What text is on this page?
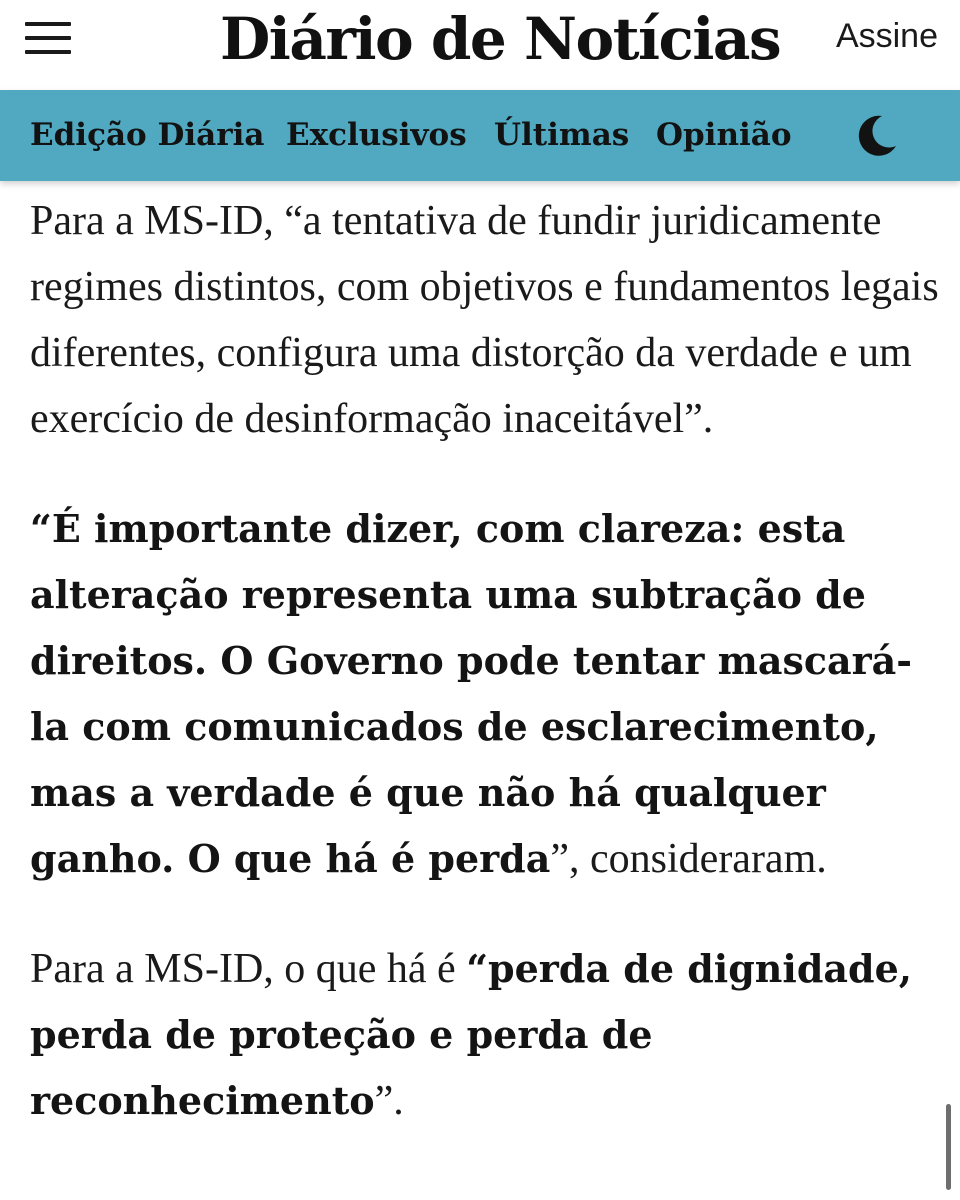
Diário de Notícias Assine
Edição Diária Exclusivos Últimas Opinião

Para a MS-ID, “a tentativa de fundir juridicamente regimes distintos, com objetivos e fundamentos legais diferentes, configura uma distorção da verdade e um exercício de desinformação inaceitável”.

“É importante dizer, com clareza: esta alteração representa uma subtração de direitos. O Governo pode tentar mascará-la com comunicados de esclarecimento, mas a verdade é que não há qualquer ganho. O que há é perda”, consideraram.

Para a MS-ID, o que há é “perda de dignidade, perda de proteção e perda de reconhecimento”.
